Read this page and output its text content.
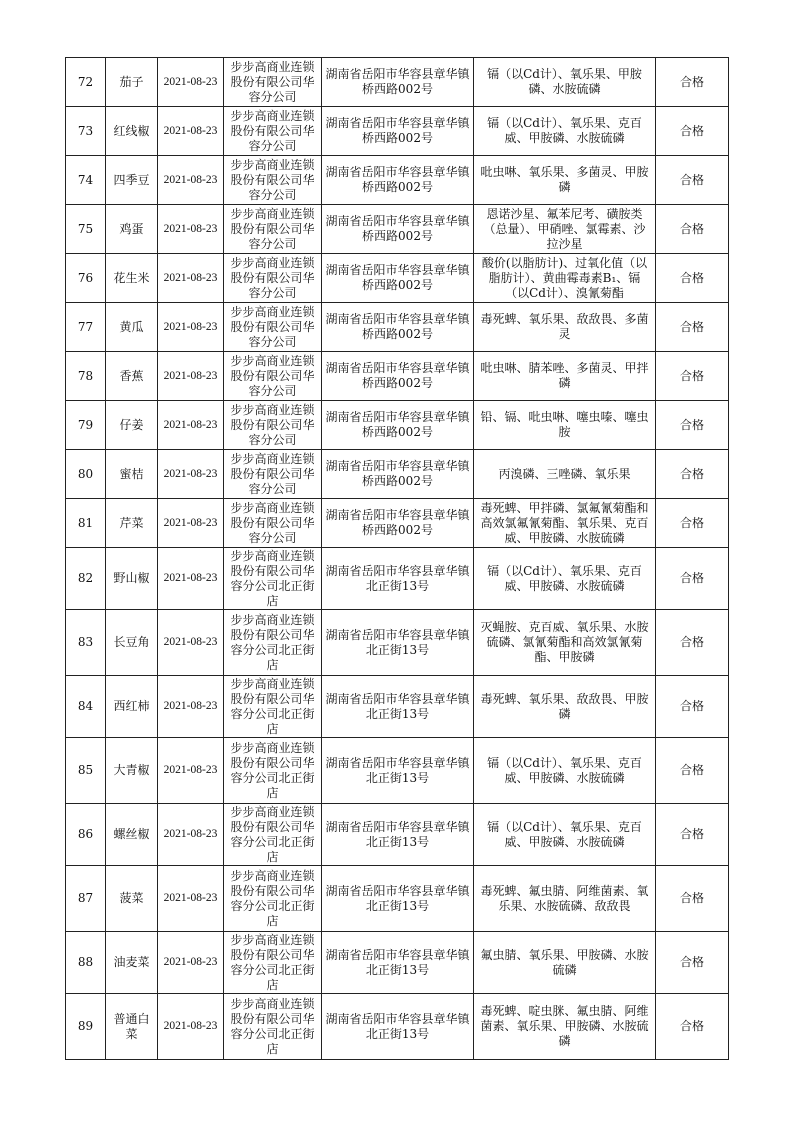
72	茄子	2021-08-23	步步高商业连锁股份有限公司华容分公司	湖南省岳阳市华容县章华镇桥西路002号	镉（以Cd计）、氧乐果、甲胺磷、水胺硫磷	合格
73	红线椒	2021-08-23	步步高商业连锁股份有限公司华容分公司	湖南省岳阳市华容县章华镇桥西路002号	镉（以Cd计）、氧乐果、克百威、甲胺磷、水胺硫磷	合格
74	四季豆	2021-08-23	步步高商业连锁股份有限公司华容分公司	湖南省岳阳市华容县章华镇桥西路002号	吡虫啉、氧乐果、多菌灵、甲胺磷	合格
75	鸡蛋	2021-08-23	步步高商业连锁股份有限公司华容分公司	湖南省岳阳市华容县章华镇桥西路002号	恩诺沙星、氟苯尼考、磺胺类（总量）、甲硝唑、氯霉素、沙拉沙星	合格
76	花生米	2021-08-23	步步高商业连锁股份有限公司华容分公司	湖南省岳阳市华容县章华镇桥西路002号	酸价(以脂肪计)、过氧化值（以脂肪计）、黄曲霉毒素B₁、镉（以Cd计）、溴氰菊酯	合格
77	黄瓜	2021-08-23	步步高商业连锁股份有限公司华容分公司	湖南省岳阳市华容县章华镇桥西路002号	毒死蜱、氧乐果、敌敌畏、多菌灵	合格
78	香蕉	2021-08-23	步步高商业连锁股份有限公司华容分公司	湖南省岳阳市华容县章华镇桥西路002号	吡虫啉、腈苯唑、多菌灵、甲拌磷	合格
79	仔姜	2021-08-23	步步高商业连锁股份有限公司华容分公司	湖南省岳阳市华容县章华镇桥西路002号	铅、镉、吡虫啉、噻虫嗪、噻虫胺	合格
80	蜜桔	2021-08-23	步步高商业连锁股份有限公司华容分公司	湖南省岳阳市华容县章华镇桥西路002号	丙溴磷、三唑磷、氧乐果	合格
81	芹菜	2021-08-23	步步高商业连锁股份有限公司华容分公司	湖南省岳阳市华容县章华镇桥西路002号	毒死蜱、甲拌磷、氯氟氰菊酯和高效氯氟氰菊酯、氧乐果、克百威、甲胺磷、水胺硫磷	合格
82	野山椒	2021-08-23	步步高商业连锁股份有限公司华容分公司北正街店	湖南省岳阳市华容县章华镇北正街13号	镉（以Cd计）、氧乐果、克百威、甲胺磷、水胺硫磷	合格
83	长豆角	2021-08-23	步步高商业连锁股份有限公司华容分公司北正街店	湖南省岳阳市华容县章华镇北正街13号	灭蝇胺、克百威、氧乐果、水胺硫磷、氯氰菊酯和高效氯氰菊酯、甲胺磷	合格
84	西红柿	2021-08-23	步步高商业连锁股份有限公司华容分公司北正街店	湖南省岳阳市华容县章华镇北正街13号	毒死蜱、氧乐果、敌敌畏、甲胺磷	合格
85	大青椒	2021-08-23	步步高商业连锁股份有限公司华容分公司北正街店	湖南省岳阳市华容县章华镇北正街13号	镉（以Cd计）、氧乐果、克百威、甲胺磷、水胺硫磷	合格
86	螺丝椒	2021-08-23	步步高商业连锁股份有限公司华容分公司北正街店	湖南省岳阳市华容县章华镇北正街13号	镉（以Cd计）、氧乐果、克百威、甲胺磷、水胺硫磷	合格
87	菠菜	2021-08-23	步步高商业连锁股份有限公司华容分公司北正街店	湖南省岳阳市华容县章华镇北正街13号	毒死蜱、氟虫腈、阿维菌素、氧乐果、水胺硫磷、敌敌畏	合格
88	油麦菜	2021-08-23	步步高商业连锁股份有限公司华容分公司北正街店	湖南省岳阳市华容县章华镇北正街13号	氟虫腈、氧乐果、甲胺磷、水胺硫磷	合格
89	普通白菜	2021-08-23	步步高商业连锁股份有限公司华容分公司北正街店	湖南省岳阳市华容县章华镇北正街13号	毒死蜱、啶虫脒、氟虫腈、阿维菌素、氧乐果、甲胺磷、水胺硫磷	合格
